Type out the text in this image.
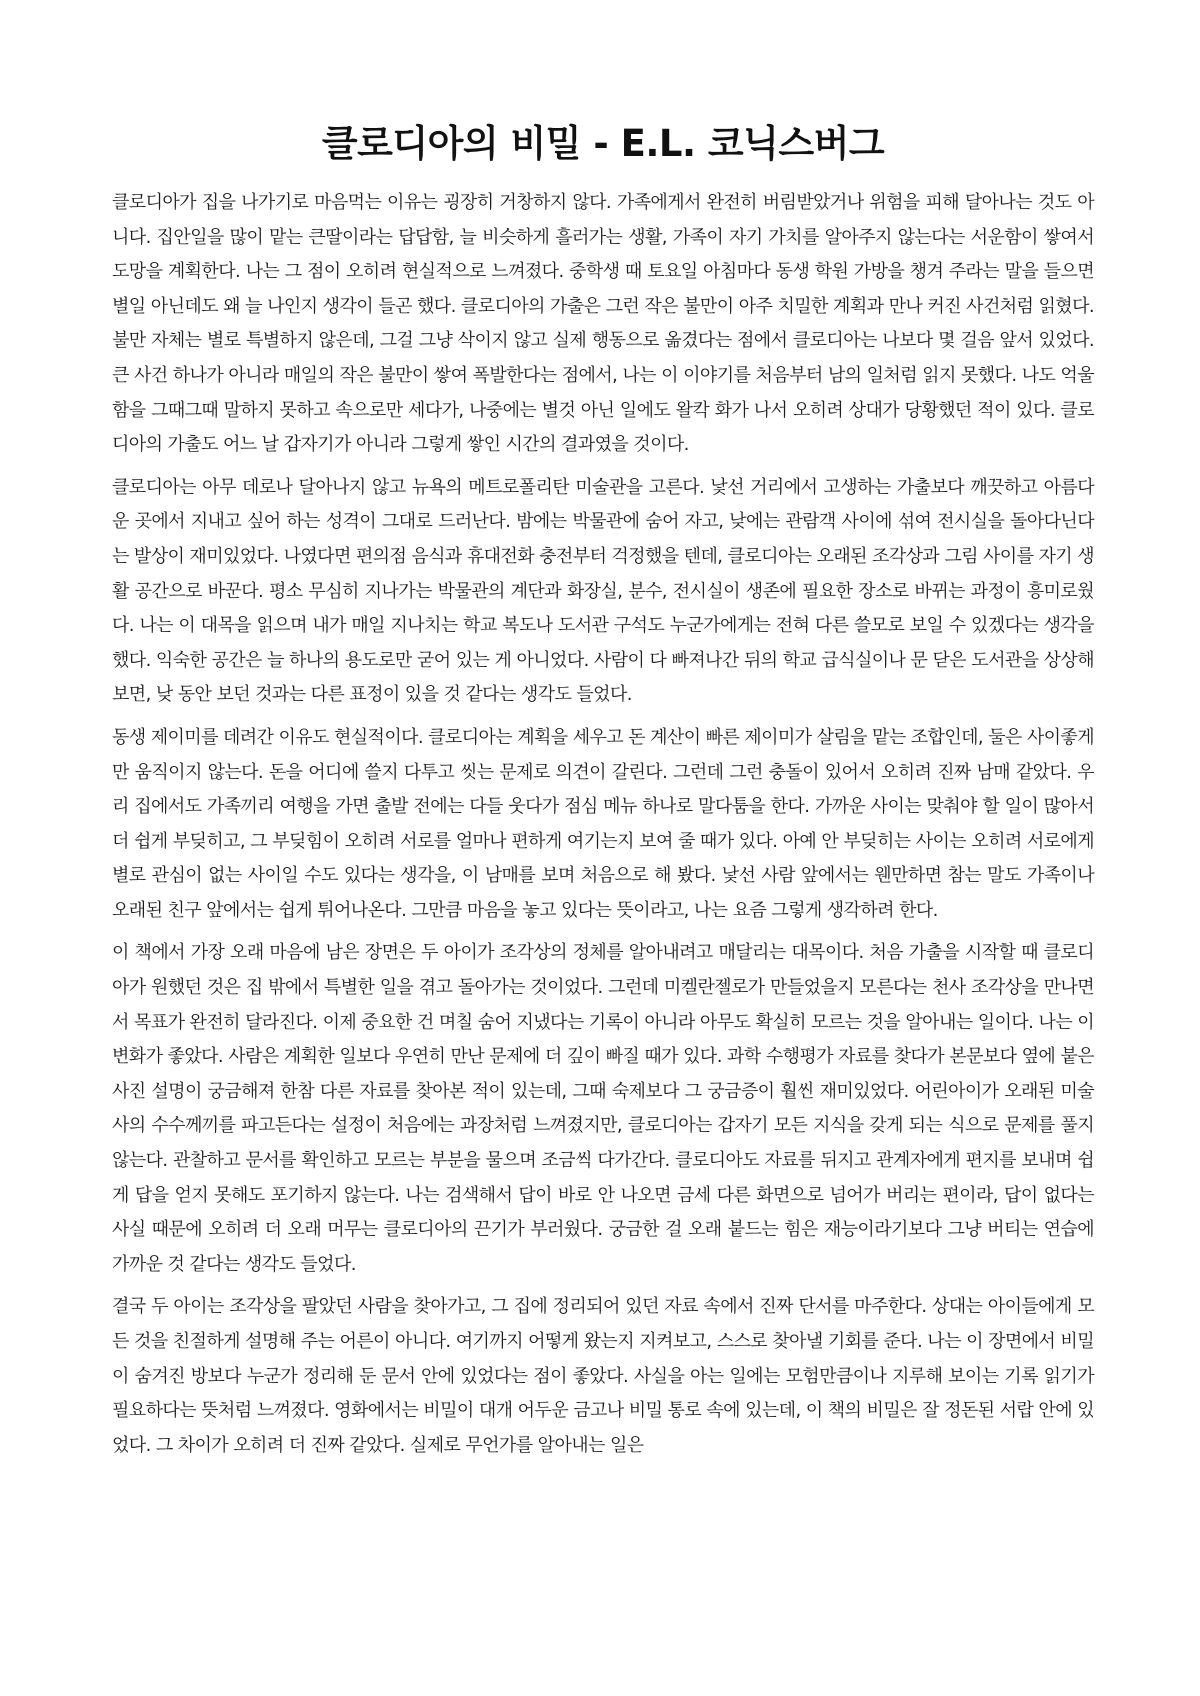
클로디아의 비밀 - E.L. 코닉스버그

클로디아가 집을 나가기로 마음먹는 이유는 굉장히 거창하지 않다. 가족에게서 완전히 버림받았거나 위험을 피해 달아나는 것도 아니다. 집안일을 많이 맡는 큰딸이라는 답답함, 늘 비슷하게 흘러가는 생활, 가족이 자기 가치를 알아주지 않는다는 서운함이 쌓여서 도망을 계획한다. 나는 그 점이 오히려 현실적으로 느껴졌다. 중학생 때 토요일 아침마다 동생 학원 가방을 챙겨 주라는 말을 들으면 별일 아닌데도 왜 늘 나인지 생각이 들곤 했다. 클로디아의 가출은 그런 작은 불만이 아주 치밀한 계획과 만나 커진 사건처럼 읽혔다. 불만 자체는 별로 특별하지 않은데, 그걸 그냥 삭이지 않고 실제 행동으로 옮겼다는 점에서 클로디아는 나보다 몇 걸음 앞서 있었다. 큰 사건 하나가 아니라 매일의 작은 불만이 쌓여 폭발한다는 점에서, 나는 이 이야기를 처음부터 남의 일처럼 읽지 못했다. 나도 억울함을 그때그때 말하지 못하고 속으로만 세다가, 나중에는 별것 아닌 일에도 왈칵 화가 나서 오히려 상대가 당황했던 적이 있다. 클로디아의 가출도 어느 날 갑자기가 아니라 그렇게 쌓인 시간의 결과였을 것이다.

클로디아는 아무 데로나 달아나지 않고 뉴욕의 메트로폴리탄 미술관을 고른다. 낯선 거리에서 고생하는 가출보다 깨끗하고 아름다운 곳에서 지내고 싶어 하는 성격이 그대로 드러난다. 밤에는 박물관에 숨어 자고, 낮에는 관람객 사이에 섞여 전시실을 돌아다닌다는 발상이 재미있었다. 나였다면 편의점 음식과 휴대전화 충전부터 걱정했을 텐데, 클로디아는 오래된 조각상과 그림 사이를 자기 생활 공간으로 바꾼다. 평소 무심히 지나가는 박물관의 계단과 화장실, 분수, 전시실이 생존에 필요한 장소로 바뀌는 과정이 흥미로웠다. 나는 이 대목을 읽으며 내가 매일 지나치는 학교 복도나 도서관 구석도 누군가에게는 전혀 다른 쓸모로 보일 수 있겠다는 생각을 했다. 익숙한 공간은 늘 하나의 용도로만 굳어 있는 게 아니었다. 사람이 다 빠져나간 뒤의 학교 급식실이나 문 닫은 도서관을 상상해 보면, 낮 동안 보던 것과는 다른 표정이 있을 것 같다는 생각도 들었다.

동생 제이미를 데려간 이유도 현실적이다. 클로디아는 계획을 세우고 돈 계산이 빠른 제이미가 살림을 맡는 조합인데, 둘은 사이좋게만 움직이지 않는다. 돈을 어디에 쓸지 다투고 씻는 문제로 의견이 갈린다. 그런데 그런 충돌이 있어서 오히려 진짜 남매 같았다. 우리 집에서도 가족끼리 여행을 가면 출발 전에는 다들 웃다가 점심 메뉴 하나로 말다툼을 한다. 가까운 사이는 맞춰야 할 일이 많아서 더 쉽게 부딪히고, 그 부딪힘이 오히려 서로를 얼마나 편하게 여기는지 보여 줄 때가 있다. 아예 안 부딪히는 사이는 오히려 서로에게 별로 관심이 없는 사이일 수도 있다는 생각을, 이 남매를 보며 처음으로 해 봤다. 낯선 사람 앞에서는 웬만하면 참는 말도 가족이나 오래된 친구 앞에서는 쉽게 튀어나온다. 그만큼 마음을 놓고 있다는 뜻이라고, 나는 요즘 그렇게 생각하려 한다.

이 책에서 가장 오래 마음에 남은 장면은 두 아이가 조각상의 정체를 알아내려고 매달리는 대목이다. 처음 가출을 시작할 때 클로디아가 원했던 것은 집 밖에서 특별한 일을 겪고 돌아가는 것이었다. 그런데 미켈란젤로가 만들었을지 모른다는 천사 조각상을 만나면서 목표가 완전히 달라진다. 이제 중요한 건 며칠 숨어 지냈다는 기록이 아니라 아무도 확실히 모르는 것을 알아내는 일이다. 나는 이 변화가 좋았다. 사람은 계획한 일보다 우연히 만난 문제에 더 깊이 빠질 때가 있다. 과학 수행평가 자료를 찾다가 본문보다 옆에 붙은 사진 설명이 궁금해져 한참 다른 자료를 찾아본 적이 있는데, 그때 숙제보다 그 궁금증이 훨씬 재미있었다. 어린아이가 오래된 미술사의 수수께끼를 파고든다는 설정이 처음에는 과장처럼 느껴졌지만, 클로디아는 갑자기 모든 지식을 갖게 되는 식으로 문제를 풀지 않는다. 관찰하고 문서를 확인하고 모르는 부분을 물으며 조금씩 다가간다. 클로디아도 자료를 뒤지고 관계자에게 편지를 보내며 쉽게 답을 얻지 못해도 포기하지 않는다. 나는 검색해서 답이 바로 안 나오면 금세 다른 화면으로 넘어가 버리는 편이라, 답이 없다는 사실 때문에 오히려 더 오래 머무는 클로디아의 끈기가 부러웠다. 궁금한 걸 오래 붙드는 힘은 재능이라기보다 그냥 버티는 연습에 가까운 것 같다는 생각도 들었다.

결국 두 아이는 조각상을 팔았던 사람을 찾아가고, 그 집에 정리되어 있던 자료 속에서 진짜 단서를 마주한다. 상대는 아이들에게 모든 것을 친절하게 설명해 주는 어른이 아니다. 여기까지 어떻게 왔는지 지켜보고, 스스로 찾아낼 기회를 준다. 나는 이 장면에서 비밀이 숨겨진 방보다 누군가 정리해 둔 문서 안에 있었다는 점이 좋았다. 사실을 아는 일에는 모험만큼이나 지루해 보이는 기록 읽기가 필요하다는 뜻처럼 느껴졌다. 영화에서는 비밀이 대개 어두운 금고나 비밀 통로 속에 있는데, 이 책의 비밀은 잘 정돈된 서랍 안에 있었다. 그 차이가 오히려 더 진짜 같았다. 실제로 무언가를 알아내는 일은
